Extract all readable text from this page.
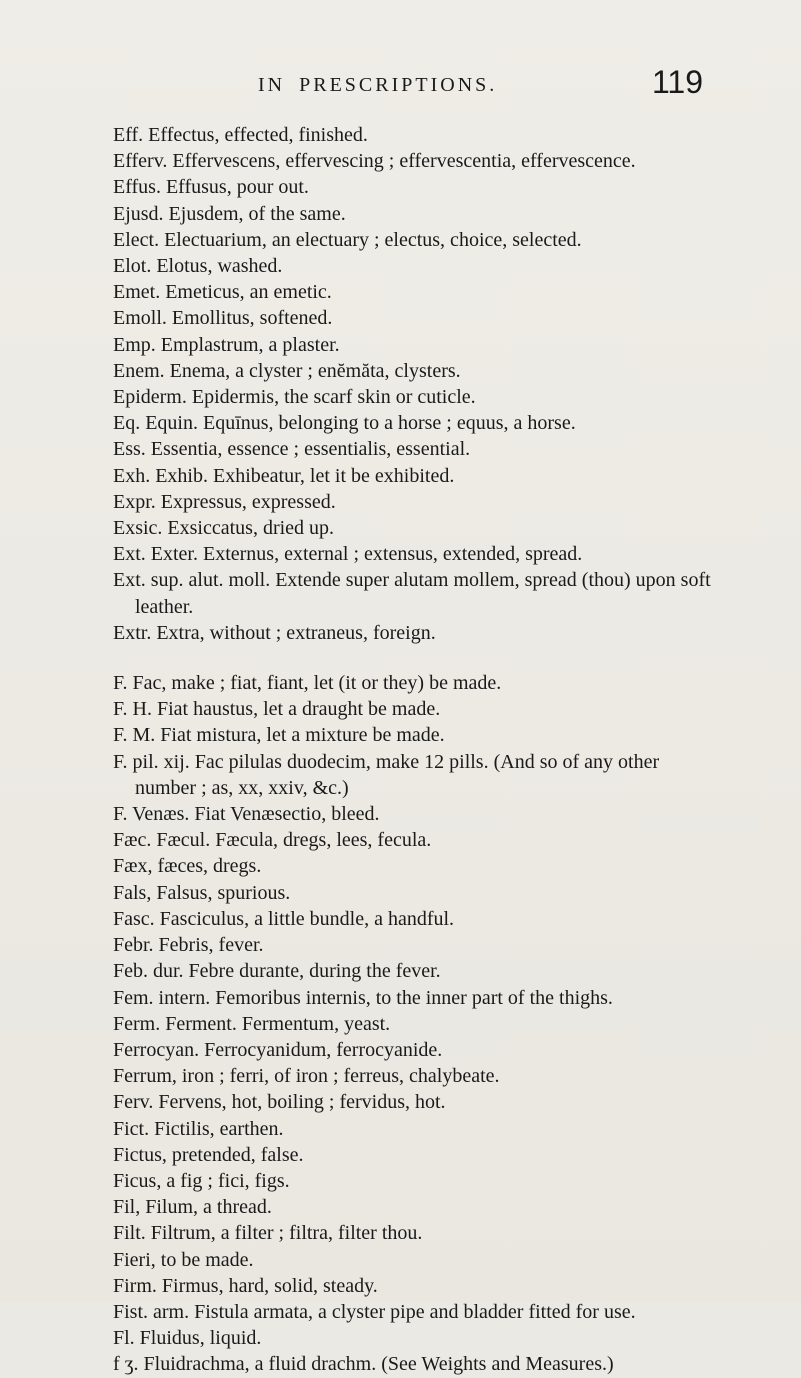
IN PRESCRIPTIONS.	119
Eff. Effectus, effected, finished.
Efferv. Effervescens, effervescing ; effervescentia, effervescence.
Effus. Effusus, pour out.
Ejusd. Ejusdem, of the same.
Elect. Electuarium, an electuary ; electus, choice, selected.
Elot. Elotus, washed.
Emet. Emeticus, an emetic.
Emoll. Emollitus, softened.
Emp. Emplastrum, a plaster.
Enem. Enema, a clyster ; enĕmăta, clysters.
Epiderm. Epidermis, the scarf skin or cuticle.
Eq. Equin. Equīnus, belonging to a horse ; equus, a horse.
Ess. Essentia, essence ; essentialis, essential.
Exh. Exhib. Exhibeatur, let it be exhibited.
Expr. Expressus, expressed.
Exsic. Exsiccatus, dried up.
Ext. Exter. Externus, external ; extensus, extended, spread.
Ext. sup. alut. moll. Extende super alutam mollem, spread (thou) upon soft leather.
Extr. Extra, without ; extraneus, foreign.
F. Fac, make ; fiat, fiant, let (it or they) be made.
F. H. Fiat haustus, let a draught be made.
F. M. Fiat mistura, let a mixture be made.
F. pil. xij. Fac pilulas duodecim, make 12 pills. (And so of any other number ; as, xx, xxiv, &c.)
F. Venæs. Fiat Venæsectio, bleed.
Fæc. Fæcul. Fæcula, dregs, lees, fecula.
Fæx, fæces, dregs.
Fals, Falsus, spurious.
Fasc. Fasciculus, a little bundle, a handful.
Febr. Febris, fever.
Feb. dur. Febre durante, during the fever.
Fem. intern. Femoribus internis, to the inner part of the thighs.
Ferm. Ferment. Fermentum, yeast.
Ferrocyan. Ferrocyanidum, ferrocyanide.
Ferrum, iron ; ferri, of iron ; ferreus, chalybeate.
Ferv. Fervens, hot, boiling ; fervidus, hot.
Fict. Fictilis, earthen.
Fictus, pretended, false.
Ficus, a fig ; fici, figs.
Fil, Filum, a thread.
Filt. Filtrum, a filter ; filtra, filter thou.
Fieri, to be made.
Firm. Firmus, hard, solid, steady.
Fist. arm. Fistula armata, a clyster pipe and bladder fitted for use.
Fl. Fluidus, liquid.
f ʒ. Fluidrachma, a fluid drachm. (See Weights and Measures.)
